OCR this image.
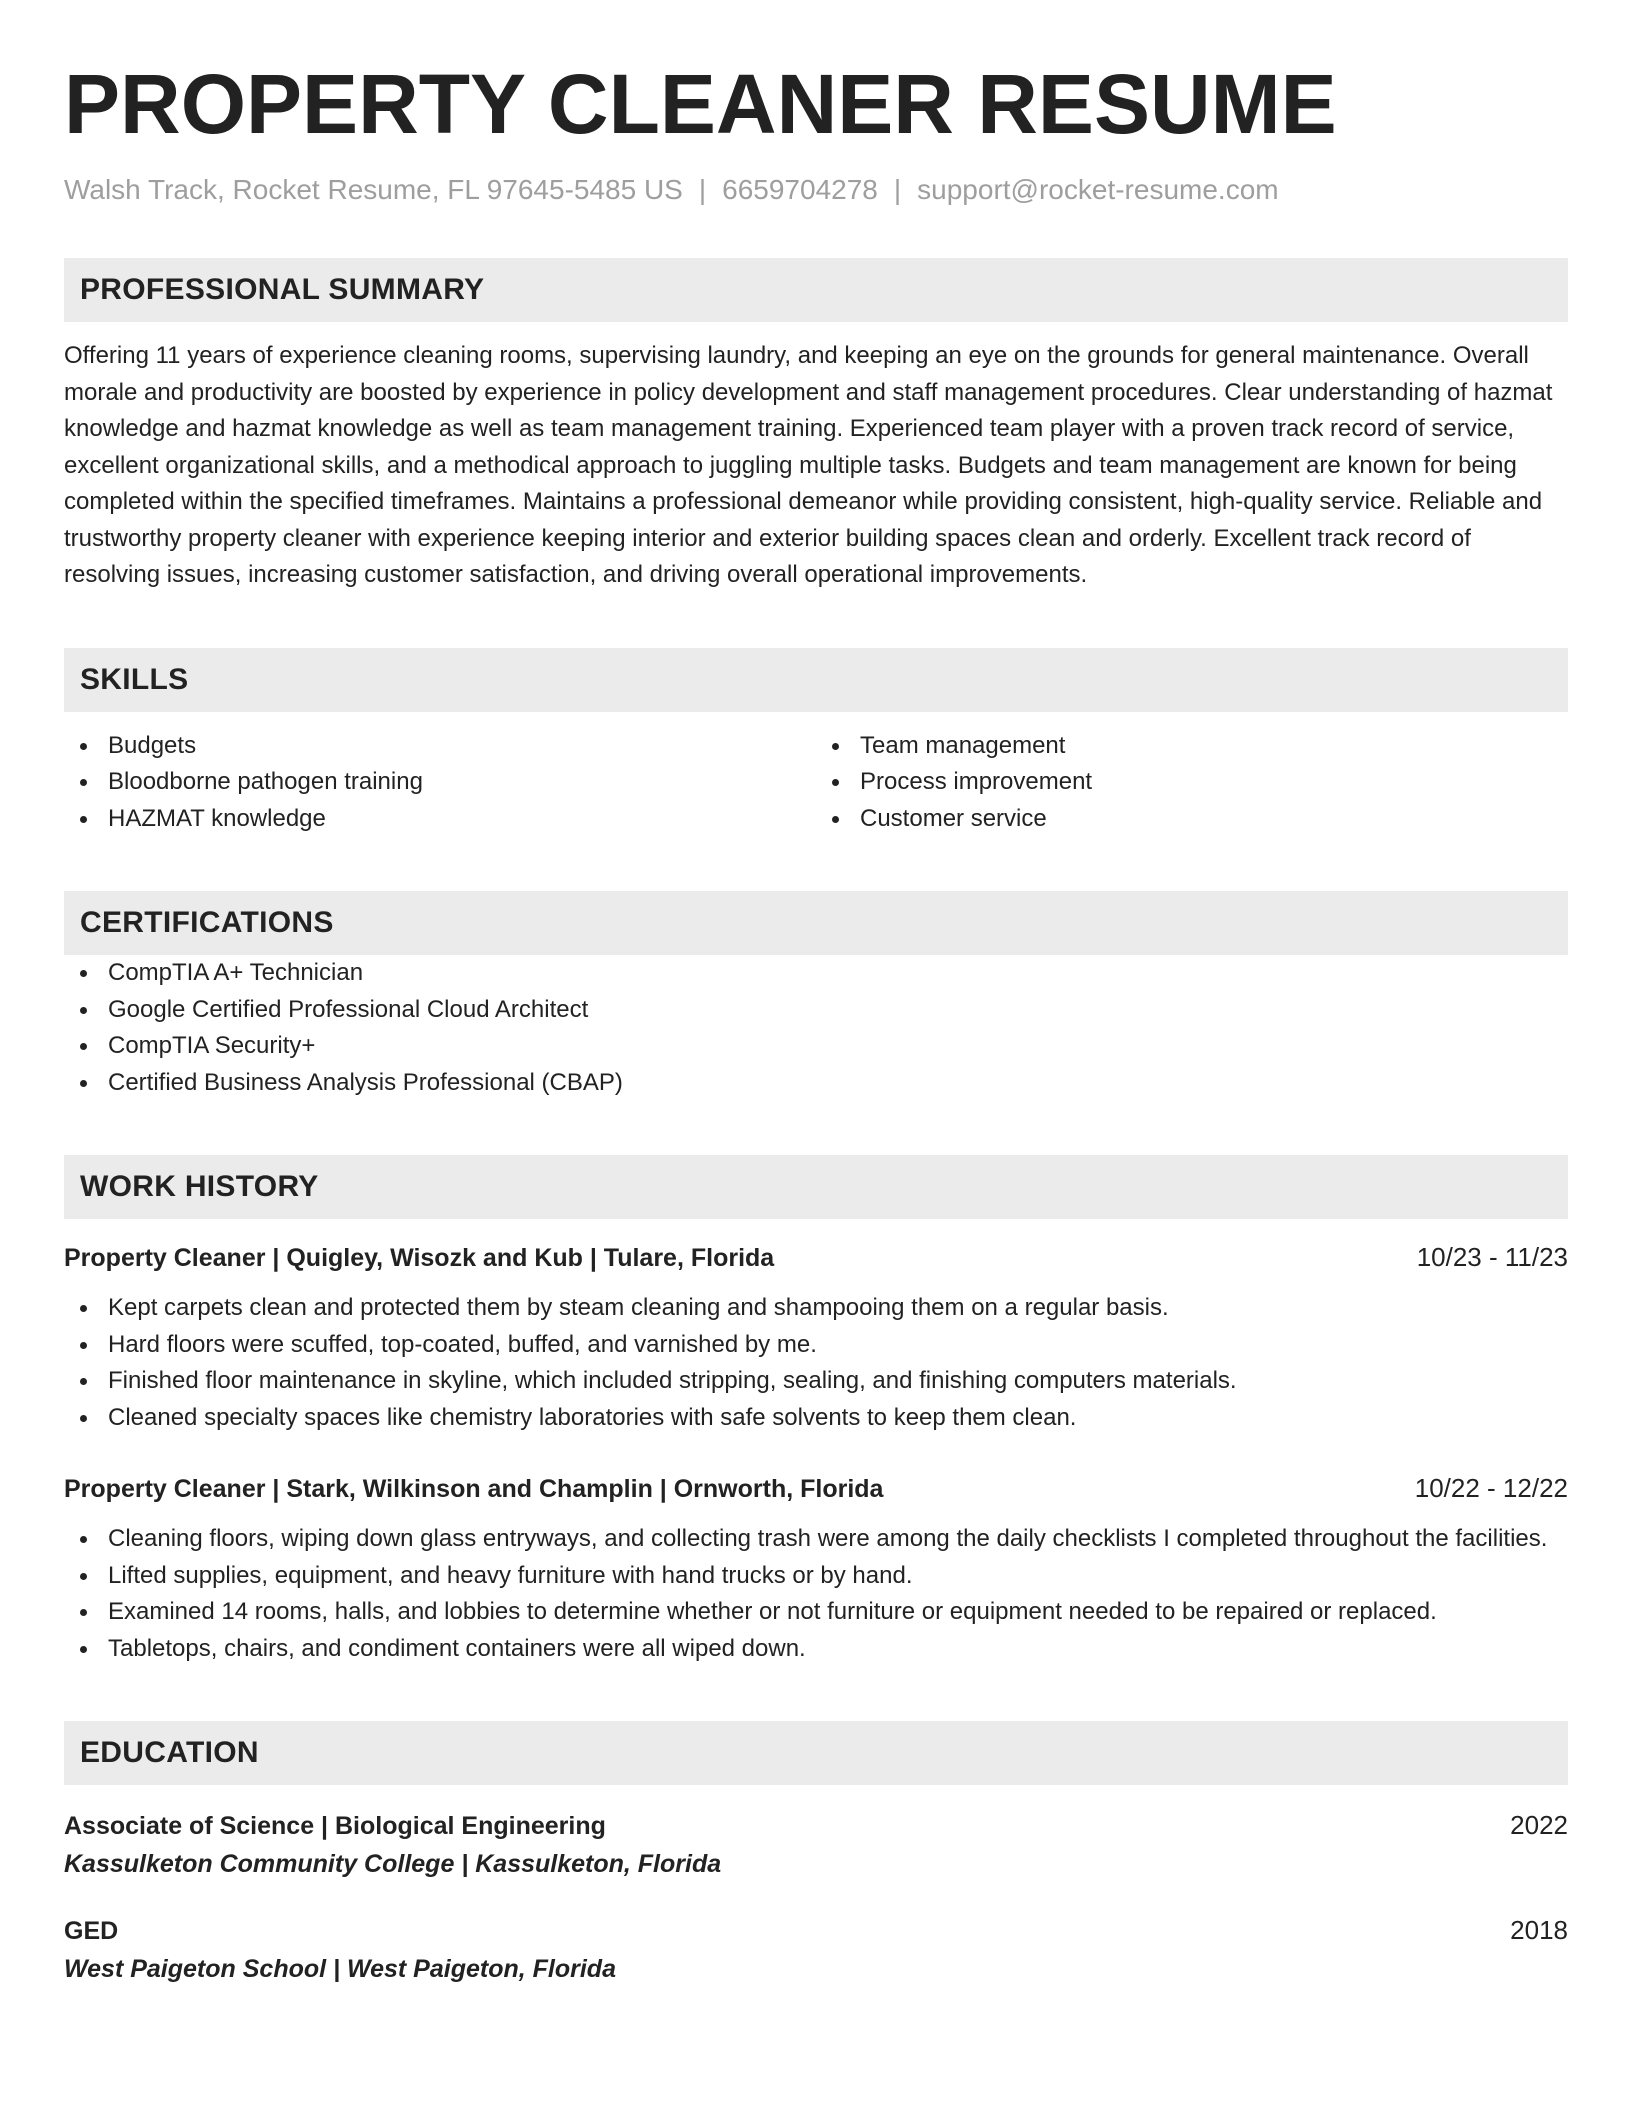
PROPERTY CLEANER RESUME
Walsh Track, Rocket Resume, FL 97645-5485 US | 6659704278 | support@rocket-resume.com
PROFESSIONAL SUMMARY
Offering 11 years of experience cleaning rooms, supervising laundry, and keeping an eye on the grounds for general maintenance. Overall morale and productivity are boosted by experience in policy development and staff management procedures. Clear understanding of hazmat knowledge and hazmat knowledge as well as team management training. Experienced team player with a proven track record of service, excellent organizational skills, and a methodical approach to juggling multiple tasks. Budgets and team management are known for being completed within the specified timeframes. Maintains a professional demeanor while providing consistent, high-quality service. Reliable and trustworthy property cleaner with experience keeping interior and exterior building spaces clean and orderly. Excellent track record of resolving issues, increasing customer satisfaction, and driving overall operational improvements.
SKILLS
Budgets
Bloodborne pathogen training
HAZMAT knowledge
Team management
Process improvement
Customer service
CERTIFICATIONS
CompTIA A+ Technician
Google Certified Professional Cloud Architect
CompTIA Security+
Certified Business Analysis Professional (CBAP)
WORK HISTORY
Property Cleaner | Quigley, Wisozk and Kub | Tulare, Florida	10/23 - 11/23
Kept carpets clean and protected them by steam cleaning and shampooing them on a regular basis.
Hard floors were scuffed, top-coated, buffed, and varnished by me.
Finished floor maintenance in skyline, which included stripping, sealing, and finishing computers materials.
Cleaned specialty spaces like chemistry laboratories with safe solvents to keep them clean.
Property Cleaner | Stark, Wilkinson and Champlin | Ornworth, Florida	10/22 - 12/22
Cleaning floors, wiping down glass entryways, and collecting trash were among the daily checklists I completed throughout the facilities.
Lifted supplies, equipment, and heavy furniture with hand trucks or by hand.
Examined 14 rooms, halls, and lobbies to determine whether or not furniture or equipment needed to be repaired or replaced.
Tabletops, chairs, and condiment containers were all wiped down.
EDUCATION
Associate of Science | Biological Engineering	2022
Kassulketon Community College | Kassulketon, Florida
GED	2018
West Paigeton School | West Paigeton, Florida
